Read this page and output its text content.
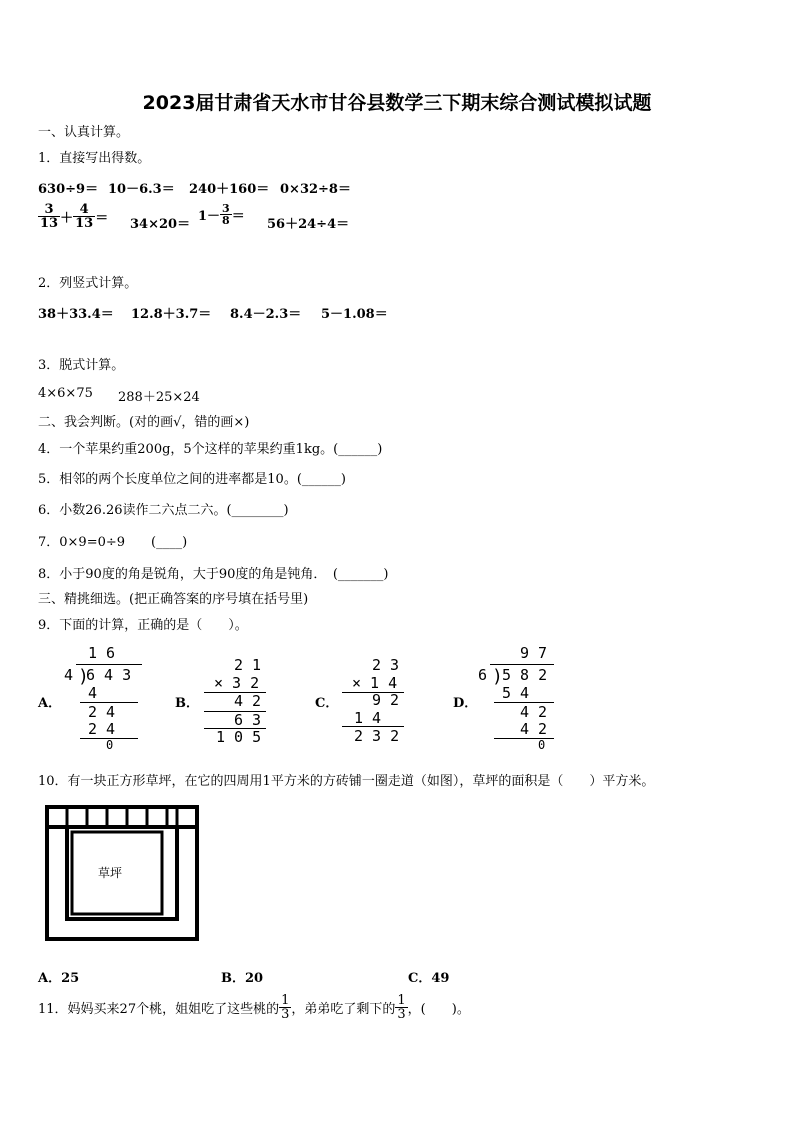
2023届甘肃省天水市甘谷县数学三下期末综合测试模拟试题
一、认真计算。
1．直接写出得数。
630÷9＝ 10－6.3＝ 240＋160＝ 0×32÷8＝
$\frac{3}{13} + \frac{4}{13} = 34\times 20=$
$1- \frac{3}{8}$ ＝
56＋24÷4＝
2．列竖式计算。
38＋33.4＝ 12.8＋3.7＝ 8.4－2.3＝ 5－1.08＝
3．脱式计算。
4×6×75 288＋25×24
二、我会判断。(对的画√，错的画×)
4．一个苹果约重200g，5个这样的苹果约重1kg。(______)
5．相邻的两个长度单位之间的进率都是10。(______)
6．小数26.26读作二六点二六。(________)
7．0×9=0÷9　　(____)
8．小于90度的角是锐角，大于90度的角是钝角．　(_______)
三、精挑细选。(把正确答案的序号填在括号里)
9．下面的计算，正确的是（　　）。
A．
1 6
4 )
6 4 3
4
2 4
2 4
0
B．
2 1
× 3 2
4 2
6 3
1 0 5
C．
2 3
× 1 4
9 2
1 4
2 3 2
D．
9 7
6 ) 5 8 2
5 4
4 2
4 2
0
10．有一块正方形草坪，在它的四周用1平方米的方砖铺一圈走道（如图），草坪的面积是（　　）平方米。
草坪
A．25	B．20	C．49
11．妈妈买来27个桃，姐姐吃了这些桃的 $\frac{1}{3}$ ，弟弟吃了剩下的 $\frac{1}{3}$ ，(　　)。
